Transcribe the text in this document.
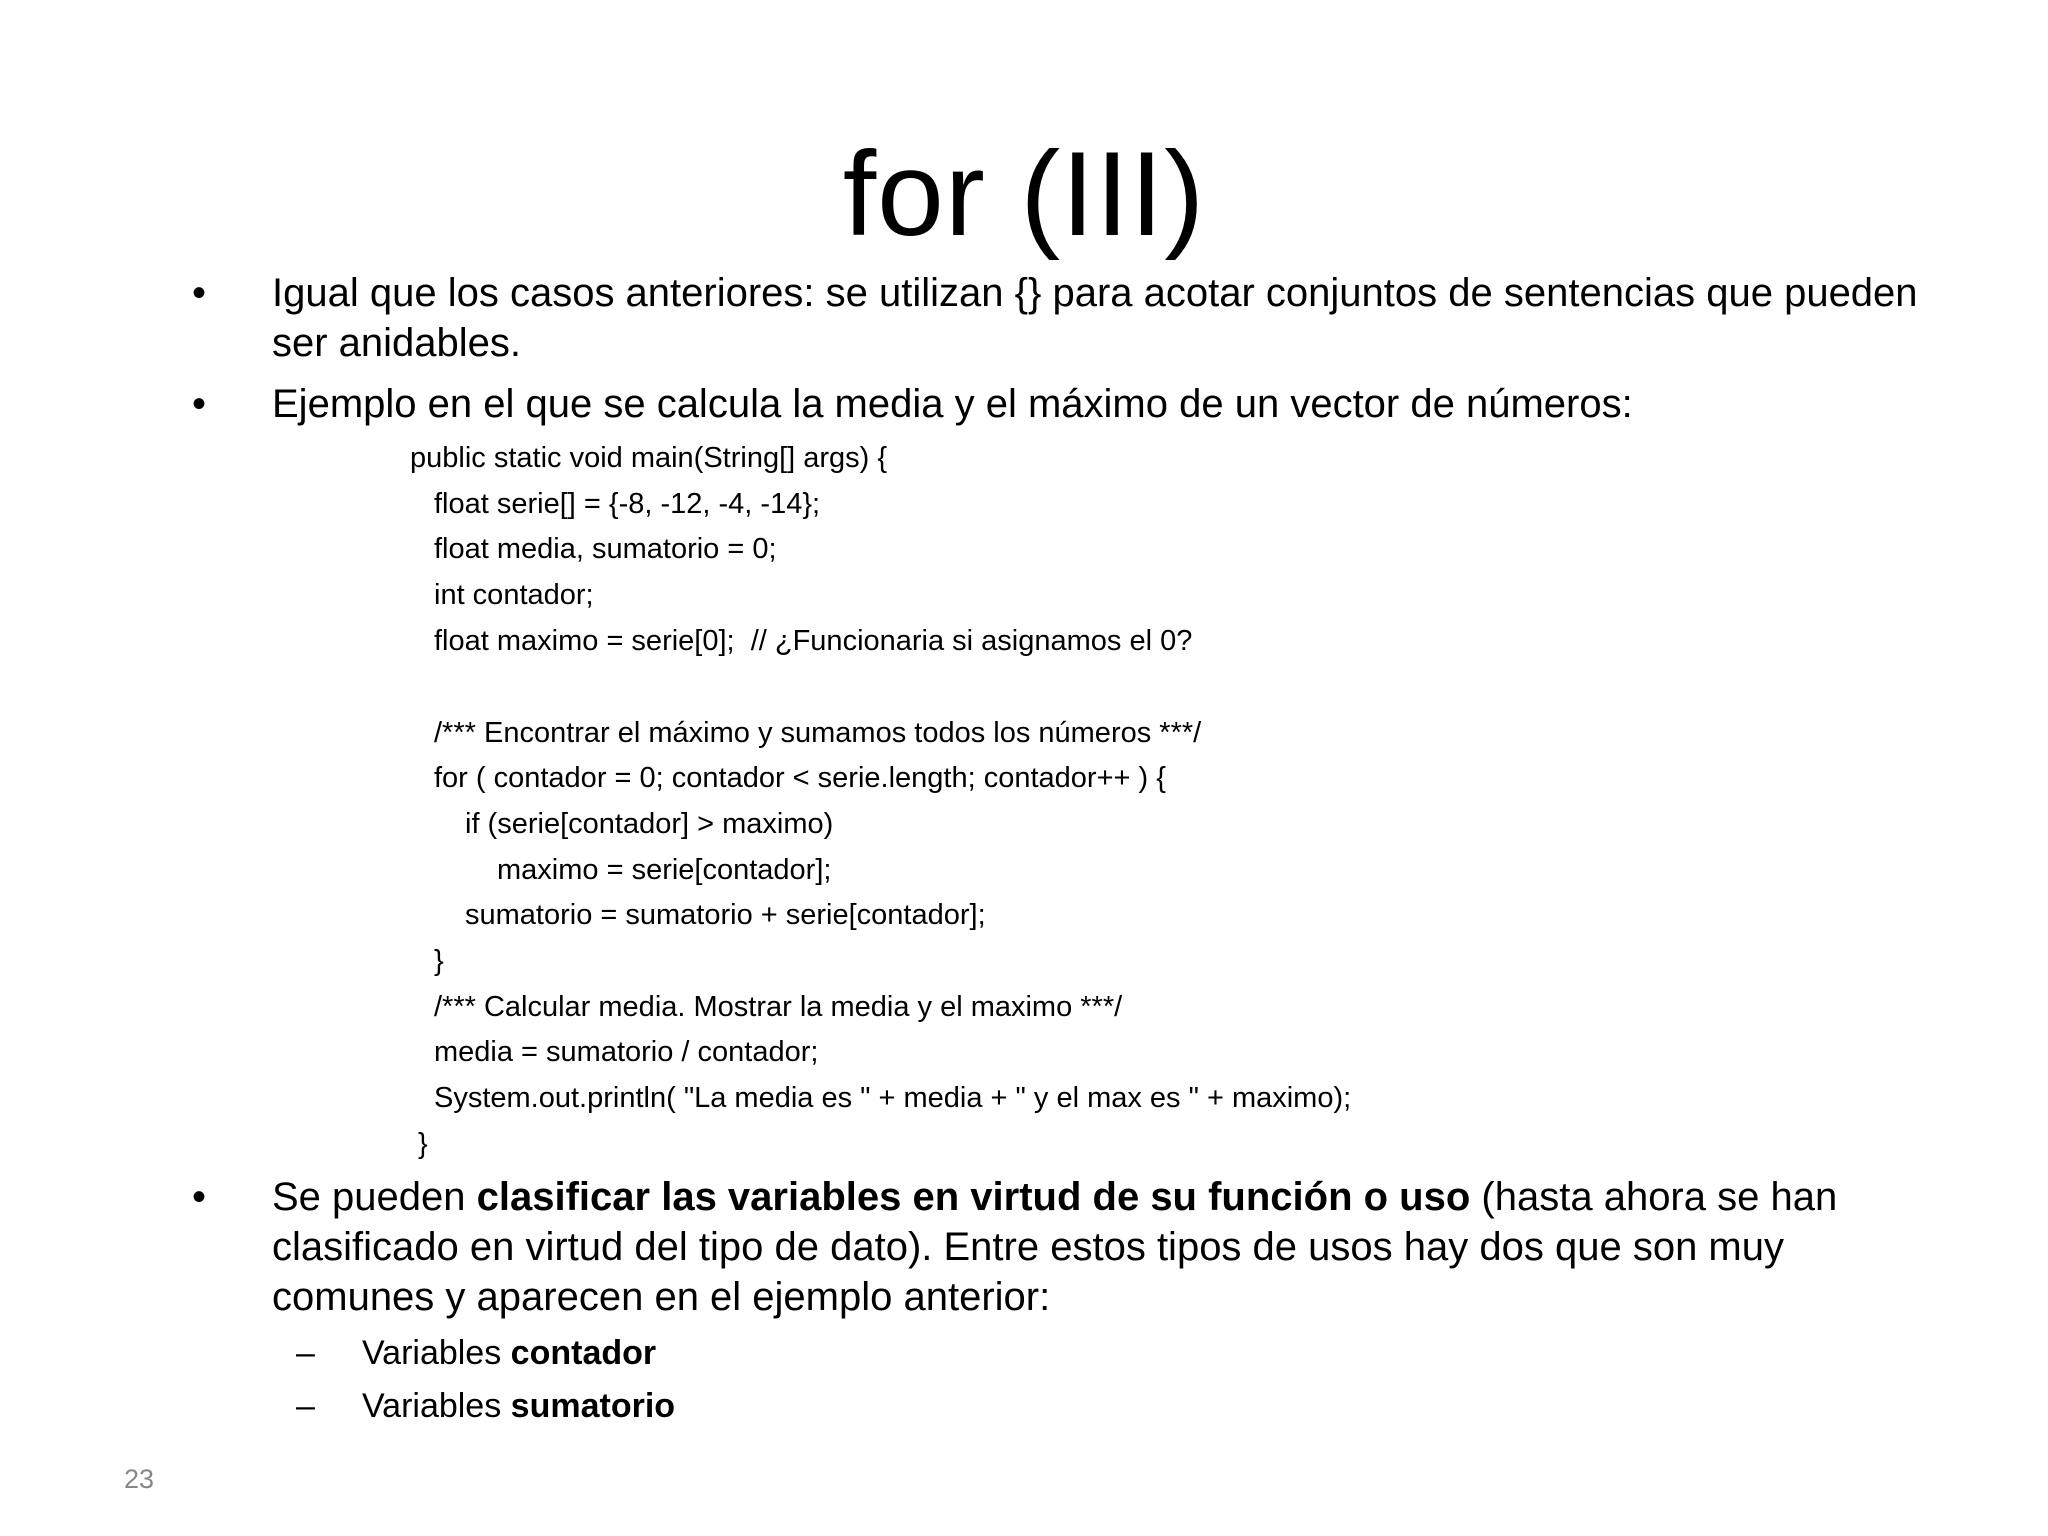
for (III)
• Igual que los casos anteriores: se utilizan {} para acotar conjuntos de sentencias que pueden
ser anidables.
• Ejemplo en el que se calcula la media y el máximo de un vector de números:
public static void main(String[] args) {
float serie[] = {-8, -12, -4, -14};
float media, sumatorio = 0;
int contador;
float maximo = serie[0];  // ¿Funcionaria si asignamos el 0?
/*** Encontrar el máximo y sumamos todos los números ***/
for ( contador = 0; contador < serie.length; contador++ ) {
if (serie[contador] > maximo)
maximo = serie[contador];
sumatorio = sumatorio + serie[contador];
}
/*** Calcular media. Mostrar la media y el maximo ***/
media = sumatorio / contador;
System.out.println( "La media es " + media + " y el max es " + maximo);
}
• Se pueden clasificar las variables en virtud de su función o uso (hasta ahora se han
clasificado en virtud del tipo de dato). Entre estos tipos de usos hay dos que son muy
comunes y aparecen en el ejemplo anterior:
– Variables contador
– Variables sumatorio
23
